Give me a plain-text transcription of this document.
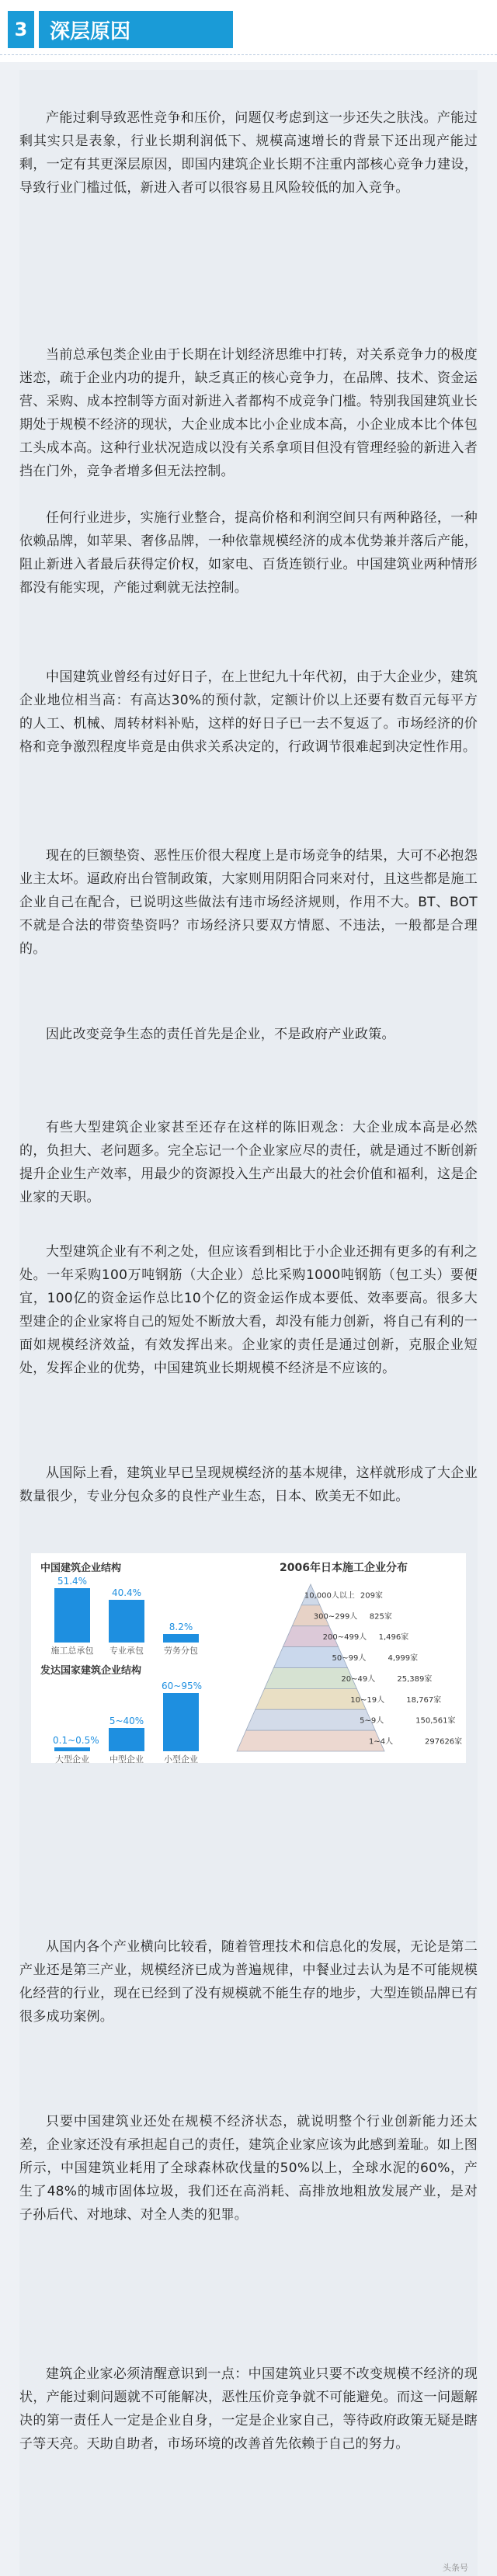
3	深层原因

产能过剩导致恶性竞争和压价，问题仅考虑到这一步还失之肤浅。产能过剩其实只是表象，行业长期利润低下、规模高速增长的背景下还出现产能过剩，一定有其更深层原因，即国内建筑企业长期不注重内部核心竞争力建设，导致行业门槛过低，新进入者可以很容易且风险较低的加入竞争。

当前总承包类企业由于长期在计划经济思维中打转，对关系竞争力的极度迷恋，疏于企业内功的提升，缺乏真正的核心竞争力，在品牌、技术、资金运营、采购、成本控制等方面对新进入者都构不成竞争门槛。特别我国建筑业长期处于规模不经济的现状，大企业成本比小企业成本高，小企业成本比个体包工头成本高。这种行业状况造成以没有关系拿项目但没有管理经验的新进入者挡在门外，竞争者增多但无法控制。

任何行业进步，实施行业整合，提高价格和利润空间只有两种路径，一种依赖品牌，如苹果、奢侈品牌，一种依靠规模经济的成本优势兼并落后产能，阻止新进入者最后获得定价权，如家电、百货连锁行业。中国建筑业两种情形都没有能实现，产能过剩就无法控制。

中国建筑业曾经有过好日子，在上世纪九十年代初，由于大企业少，建筑企业地位相当高：有高达30%的预付款，定额计价以上还要有数百元每平方的人工、机械、周转材料补贴，这样的好日子已一去不复返了。市场经济的价格和竞争激烈程度毕竟是由供求关系决定的，行政调节很难起到决定性作用。

现在的巨额垫资、恶性压价很大程度上是市场竞争的结果，大可不必抱怨业主太坏。逼政府出台管制政策，大家则用阴阳合同来对付，且这些都是施工企业自己在配合，已说明这些做法有违市场经济规则，作用不大。BT、BOT不就是合法的带资垫资吗？市场经济只要双方情愿、不违法，一般都是合理的。

因此改变竞争生态的责任首先是企业，不是政府产业政策。

有些大型建筑企业家甚至还存在这样的陈旧观念：大企业成本高是必然的，负担大、老问题多。完全忘记一个企业家应尽的责任，就是通过不断创新提升企业生产效率，用最少的资源投入生产出最大的社会价值和福利，这是企业家的天职。

大型建筑企业有不利之处，但应该看到相比于小企业还拥有更多的有利之处。一年采购100万吨钢筋（大企业）总比采购1000吨钢筋（包工头）要便宜，100亿的资金运作总比10个亿的资金运作成本要低、效率要高。很多大型建企的企业家将自己的短处不断放大看，却没有能力创新，将自己有利的一面如规模经济效益，有效发挥出来。企业家的责任是通过创新，克服企业短处，发挥企业的优势，中国建筑业长期规模不经济是不应该的。

从国际上看，建筑业早已呈现规模经济的基本规律，这样就形成了大企业数量很少，专业分包众多的良性产业生态，日本、欧美无不如此。

中国建筑企业结构
51.4%
施工总承包
40.4%
专业承包
8.2%
劳务分包
发达国家建筑企业结构
0.1~0.5%
大型企业
5~40%
中型企业
60~95%
小型企业
2006年日本施工企业分布
10,000人以上 209家
300~299人 825家
200~499人 1,496家
50~99人	4,999家
20~49人	25,389家
10~19人	18,767家
5~9人	150,561家
1~4人	297626家

从国内各个产业横向比较看，随着管理技术和信息化的发展，无论是第二产业还是第三产业，规模经济已成为普遍规律，中餐业过去认为是不可能规模化经营的行业，现在已经到了没有规模就不能生存的地步，大型连锁品牌已有很多成功案例。

只要中国建筑业还处在规模不经济状态，就说明整个行业创新能力还太差，企业家还没有承担起自己的责任，建筑企业家应该为此感到羞耻。如上图所示，中国建筑业耗用了全球森林砍伐量的50%以上，全球水泥的60%，产生了48%的城市固体垃圾，我们还在高消耗、高排放地粗放发展产业，是对子孙后代、对地球、对全人类的犯罪。

建筑企业家必须清醒意识到一点：中国建筑业只要不改变规模不经济的现状，产能过剩问题就不可能解决，恶性压价竞争就不可能避免。而这一问题解决的第一责任人一定是企业自身，一定是企业家自己，等待政府政策无疑是瞎子等天亮。天助自助者，市场环境的改善首先依赖于自己的努力。

头条号
